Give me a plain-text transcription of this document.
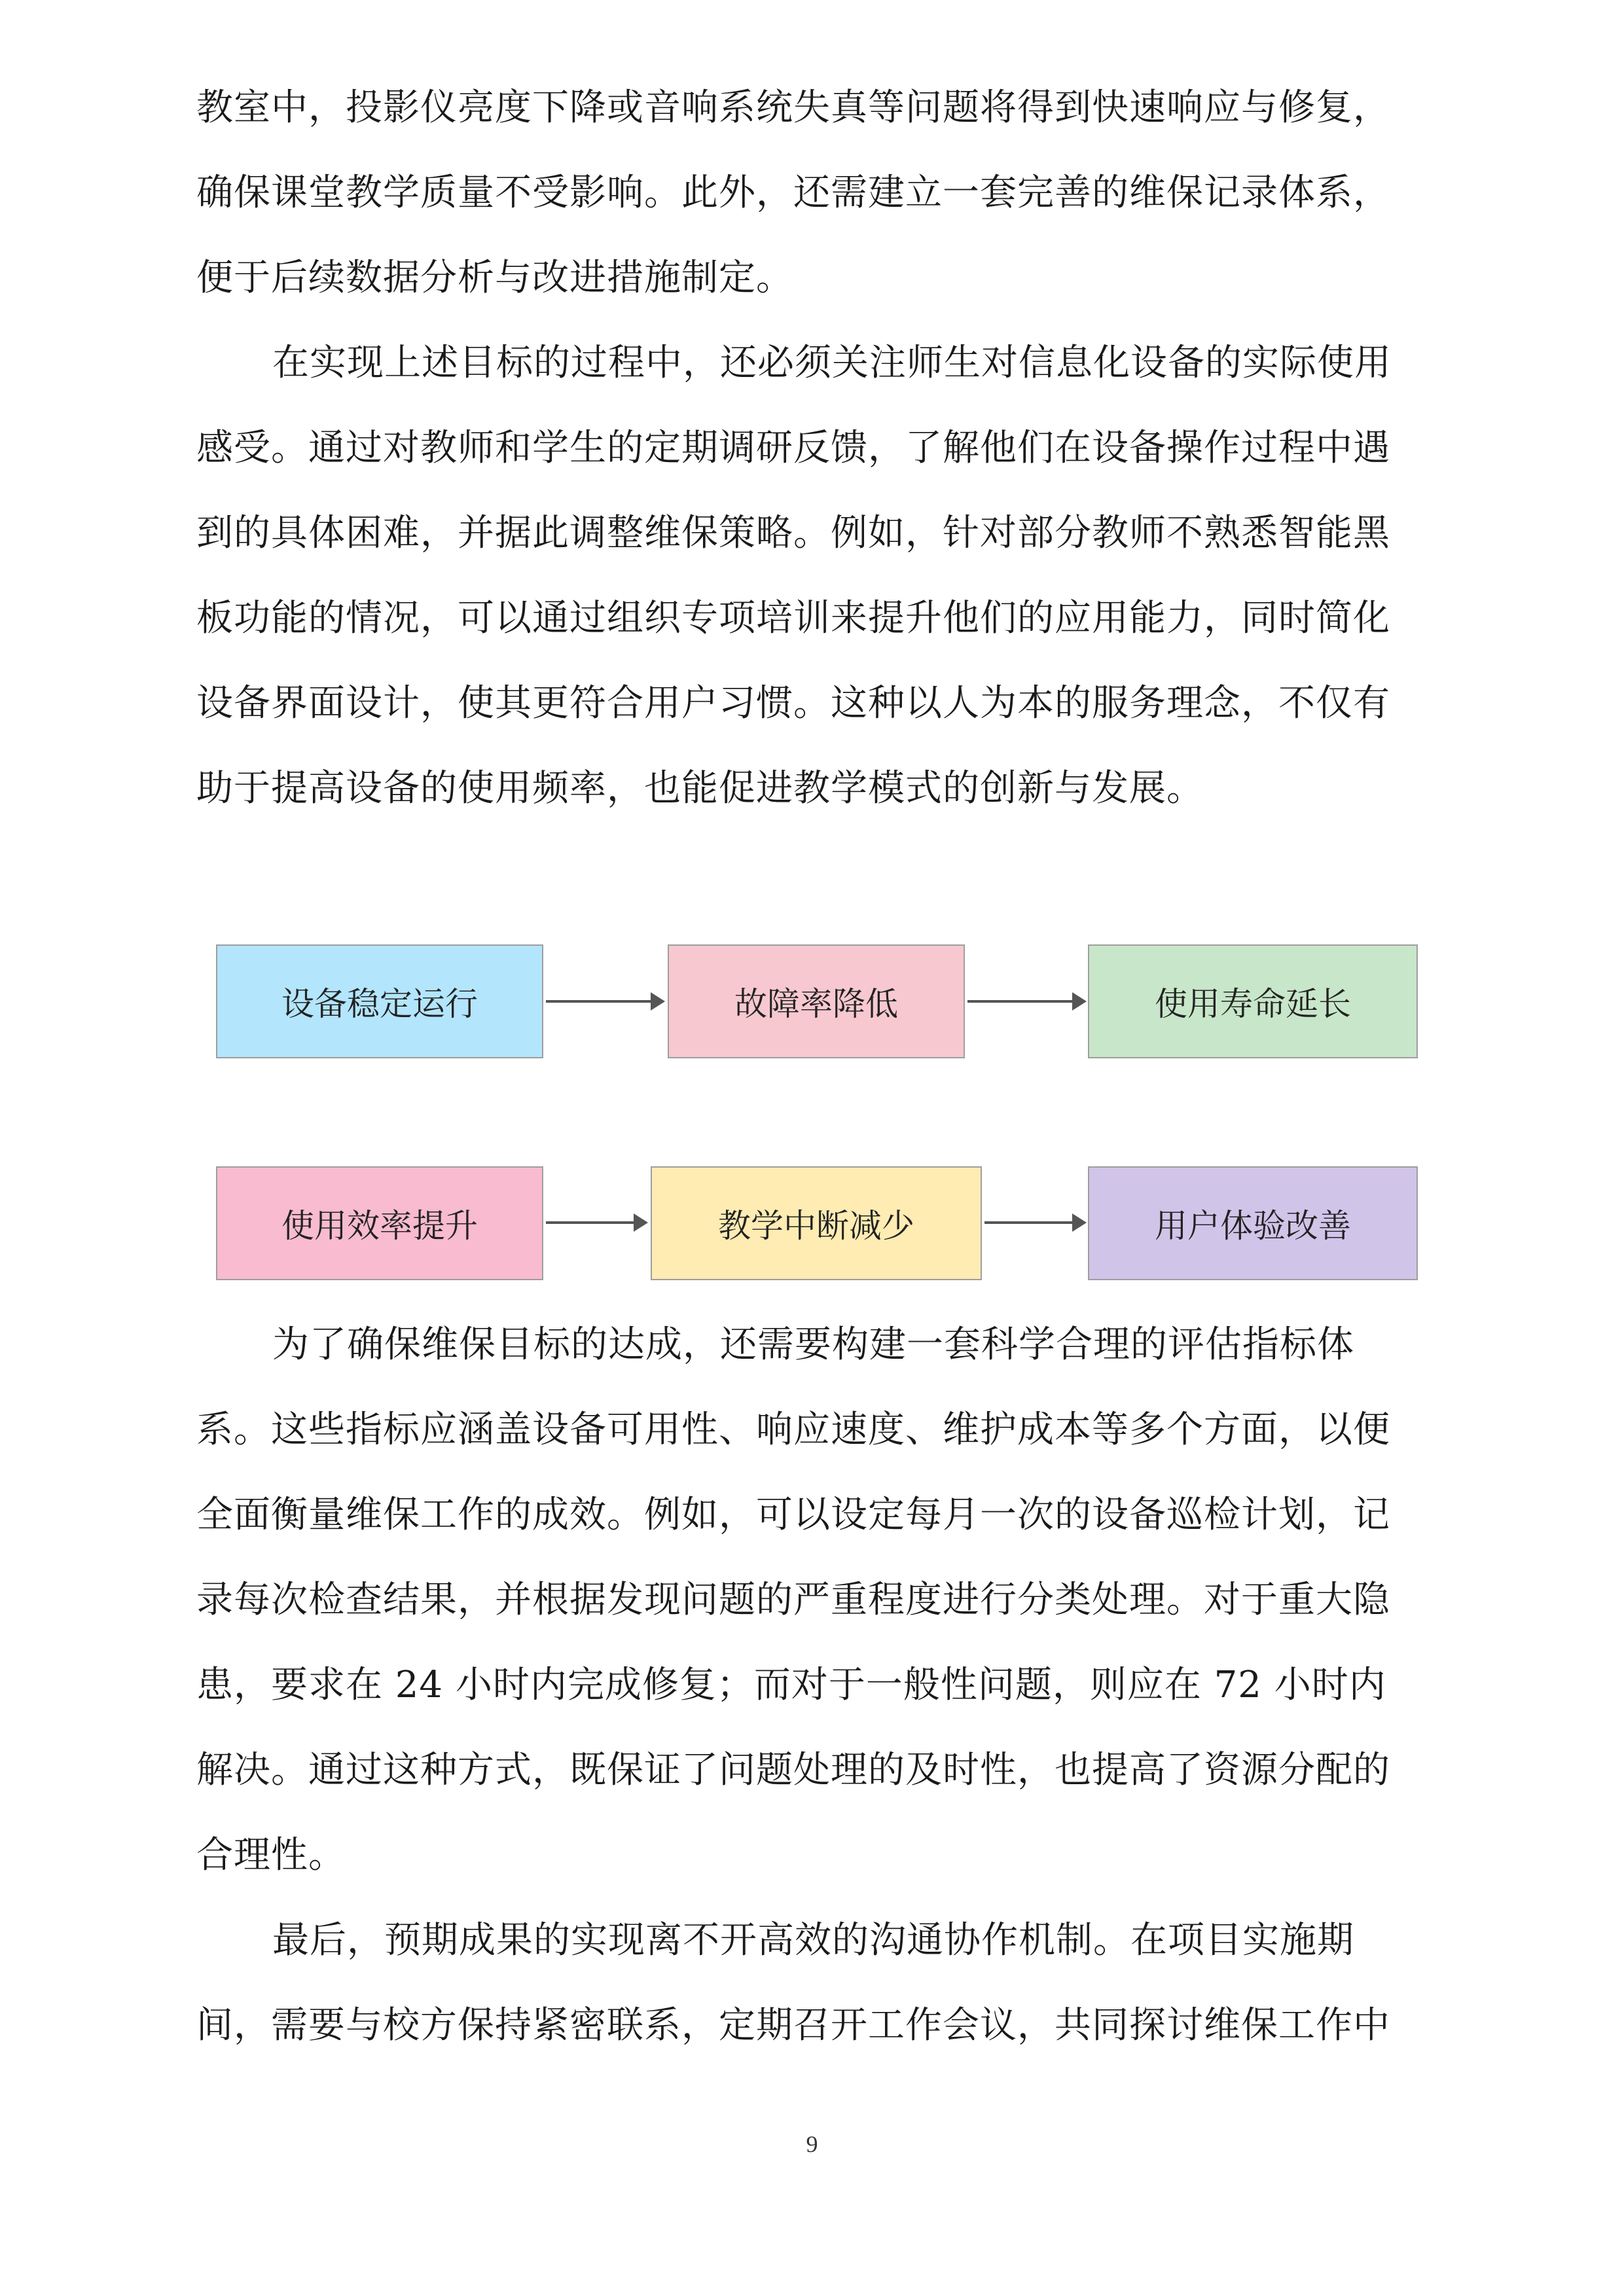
教室中，投影仪亮度下降或音响系统失真等问题将得到快速响应与修复，
确保课堂教学质量不受影响。此外，还需建立一套完善的维保记录体系，
便于后续数据分析与改进措施制定。
在实现上述目标的过程中，还必须关注师生对信息化设备的实际使用
感受。通过对教师和学生的定期调研反馈，了解他们在设备操作过程中遇
到的具体困难，并据此调整维保策略。例如，针对部分教师不熟悉智能黑
板功能的情况，可以通过组织专项培训来提升他们的应用能力，同时简化
设备界面设计，使其更符合用户习惯。这种以人为本的服务理念，不仅有
助于提高设备的使用频率，也能促进教学模式的创新与发展。
设备稳定运行	故障率降低	使用寿命延长
使用效率提升	教学中断减少	用户体验改善
为了确保维保目标的达成，还需要构建一套科学合理的评估指标体
系。这些指标应涵盖设备可用性、响应速度、维护成本等多个方面，以便
全面衡量维保工作的成效。例如，可以设定每月一次的设备巡检计划，记
录每次检查结果，并根据发现问题的严重程度进行分类处理。对于重大隐
患，要求在 24 小时内完成修复；而对于一般性问题，则应在 72 小时内
解决。通过这种方式，既保证了问题处理的及时性，也提高了资源分配的
合理性。
最后，预期成果的实现离不开高效的沟通协作机制。在项目实施期
间，需要与校方保持紧密联系，定期召开工作会议，共同探讨维保工作中
9
